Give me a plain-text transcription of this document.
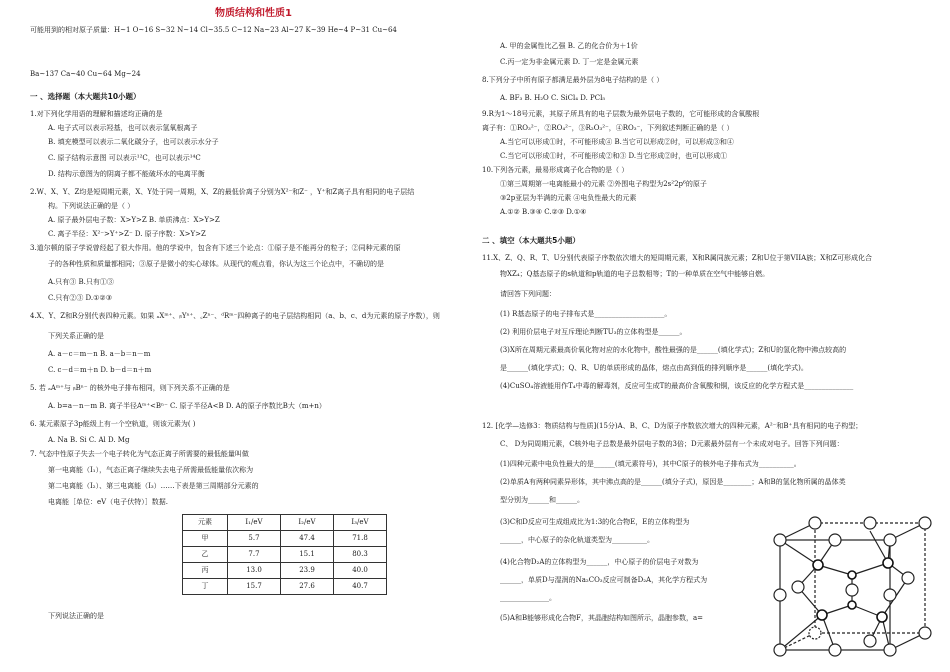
物质结构和性质1
可能用到的相对原子质量：H~1 O~16 S~32 N~14 Cl~35.5 C~12 Na~23 Al~27 K~39 He~4 P~31 Cu~64
Ba~137 Ca~40 Cu~64 Mg~24
一 、选择题（本大题共10小题）
1.对下列化学用语的理解和描述均正确的是
A. 电子式可以表示羟基，也可以表示氢氧根离子
B. 填充模型可以表示二氧化碳分子，也可以表示水分子
C. 原子结构示意图 可以表示¹²C，也可以表示¹⁴C
D. 结构示意图为的阴离子都不能破坏水的电离平衡
2.W、X、Y、Z均是短周期元素，X、Y处于同一周期，X、Z的最低价离子分别为X²⁻和Z⁻ ，Y⁺和Z离子具有相同的电子层结
构。下列说法正确的是（ ）
A. 原子最外层电子数：X>Y>Z B. 单质沸点：X>Y>Z
C. 离子半径：X²⁻>Y⁺>Z⁻ D. 原子序数：X>Y>Z
3.道尔顿的原子学说曾经起了很大作用。他的学说中，包含有下述三个论点：①原子是不能再分的粒子；②同种元素的原
子的各种性质和质量都相同；③原子是微小的实心球体。从现代的观点看，你认为这三个论点中，不确切的是
A.只有③ B.只有①③
C.只有②③ D.①②③
4.X、Y、Z和R分别代表四种元素。如果 ₐXᵐ⁺、ᵦYⁿ⁺、꜀Zⁿ⁻、ᵈRᵐ⁻四种离子的电子层结构相同（a、b、c、d为元素的原子序数），则
下列关系正确的是
A. a－c＝m－n B. a－b＝n－m
C. c－d＝m＋n D. b－d＝n＋m
5. 若 ₐAᵐ⁺与 ᵦBⁿ⁻ 的核外电子排布相同，则下列关系不正确的是
A. b=a－n－m B. 离子半径Aᵐ⁺<Bⁿ⁻ C. 原子半径A<B D. A的原子序数比B大（m+n）
6. 某元素原子3p能级上有一个空轨道，则该元素为( )
A. Na B. Si C. Al D. Mg
7. 气态中性原子失去一个电子转化为气态正离子所需要的最低能量叫做
第一电离能（I₁），气态正离子继续失去电子所需最低能量依次称为
第二电离能（I₂）、第三电离能（I₃）……下表是第三周期部分元素的
电离能［单位：eV（电子伏特）］数据.
元素	I₁/eV	I₂/eV	I₃/eV
甲	5.7	47.4	71.8
乙	7.7	15.1	80.3
丙	13.0	23.9	40.0
丁	15.7	27.6	40.7
下列说法正确的是
A. 甲的金属性比乙强 B. 乙的化合价为＋1价
C.丙一定为非金属元素 D. 丁一定是金属元素
8.下列分子中所有原子都满足最外层为8电子结构的是（ ）
A. BF₃ B. H₂O C. SiCl₄ D. PCl₅
9.R为1～18号元素，其原子所具有的电子层数为最外层电子数的，它可能形成的含氧酸根
离子有：①RO₃²⁻，②RO₄²⁻，③R₂O₃²⁻，④RO₃⁻，下列叙述判断正确的是（ ）
A.当它可以形成①时，不可能形成④ B.当它可以形成②时，可以形成③和④
C.当它可以形成①时，不可能形成②和③ D.当它形成②时，也可以形成①
10.下列各元素，最易形成离子化合物的是（ ）
①第三周期第一电离能最小的元素 ②外围电子构型为2s²2p⁶的原子
③2p亚层为半满的元素 ④电负性最大的元素
A.①② B.③④ C.②③ D.①④
二 、填空（本大题共5小题）
11.X、Z、Q、R、T、U分别代表原子序数依次增大的短周期元素，X和R属同族元素；Z和U位于第VIIA族；X和Z可形成化合
物XZ₄；Q基态原子的s轨道和p轨道的电子总数相等；T的一种单质在空气中能够自燃。
请回答下列问题：
(1) R基态原子的电子排布式是____________________。
(2) 利用价层电子对互斥理论判断TU₃的立体构型是______。
(3)X所在周期元素最高价氧化物对应的水化物中，酸性最强的是______(填化学式)；Z和U的氢化物中沸点较高的
是______(填化学式)；Q、R、U的单质形成的晶体，熔点由高到低的排列顺序是______(填化学式)。
(4)CuSO₄溶液能用作T₄中毒的解毒剂，反应可生成T的最高价含氧酸和铜，该反应的化学方程式是______________
12. [化学—选修3：物质结构与性质](15分)A、B、C、D为原子序数依次增大的四种元素，A²⁻和B⁺具有相同的电子构型；
C、 D为同周期元素，C核外电子总数是最外层电子数的3倍；D元素最外层有一个未成对电子。回答下列问题：
(1)四种元素中电负性最大的是______(填元素符号)，其中C原子的核外电子排布式为__________。
(2)单质A有两种同素异形体，其中沸点高的是______(填分子式)，原因是________；A和B的氢化物所属的晶体类
型分别为______和______。
(3)C和D反应可生成组成比为1:3的化合物E，E的立体构型为
______，中心原子的杂化轨道类型为__________。
(4)化合物D₂A的立体构型为______，中心原子的价层电子对数为
______，单质D与湿润的Na₂CO₃反应可制备D₂A，其化学方程式为
______________。
(5)A和B能够形成化合物F，其晶胞结构如图所示，晶胞参数，a=
